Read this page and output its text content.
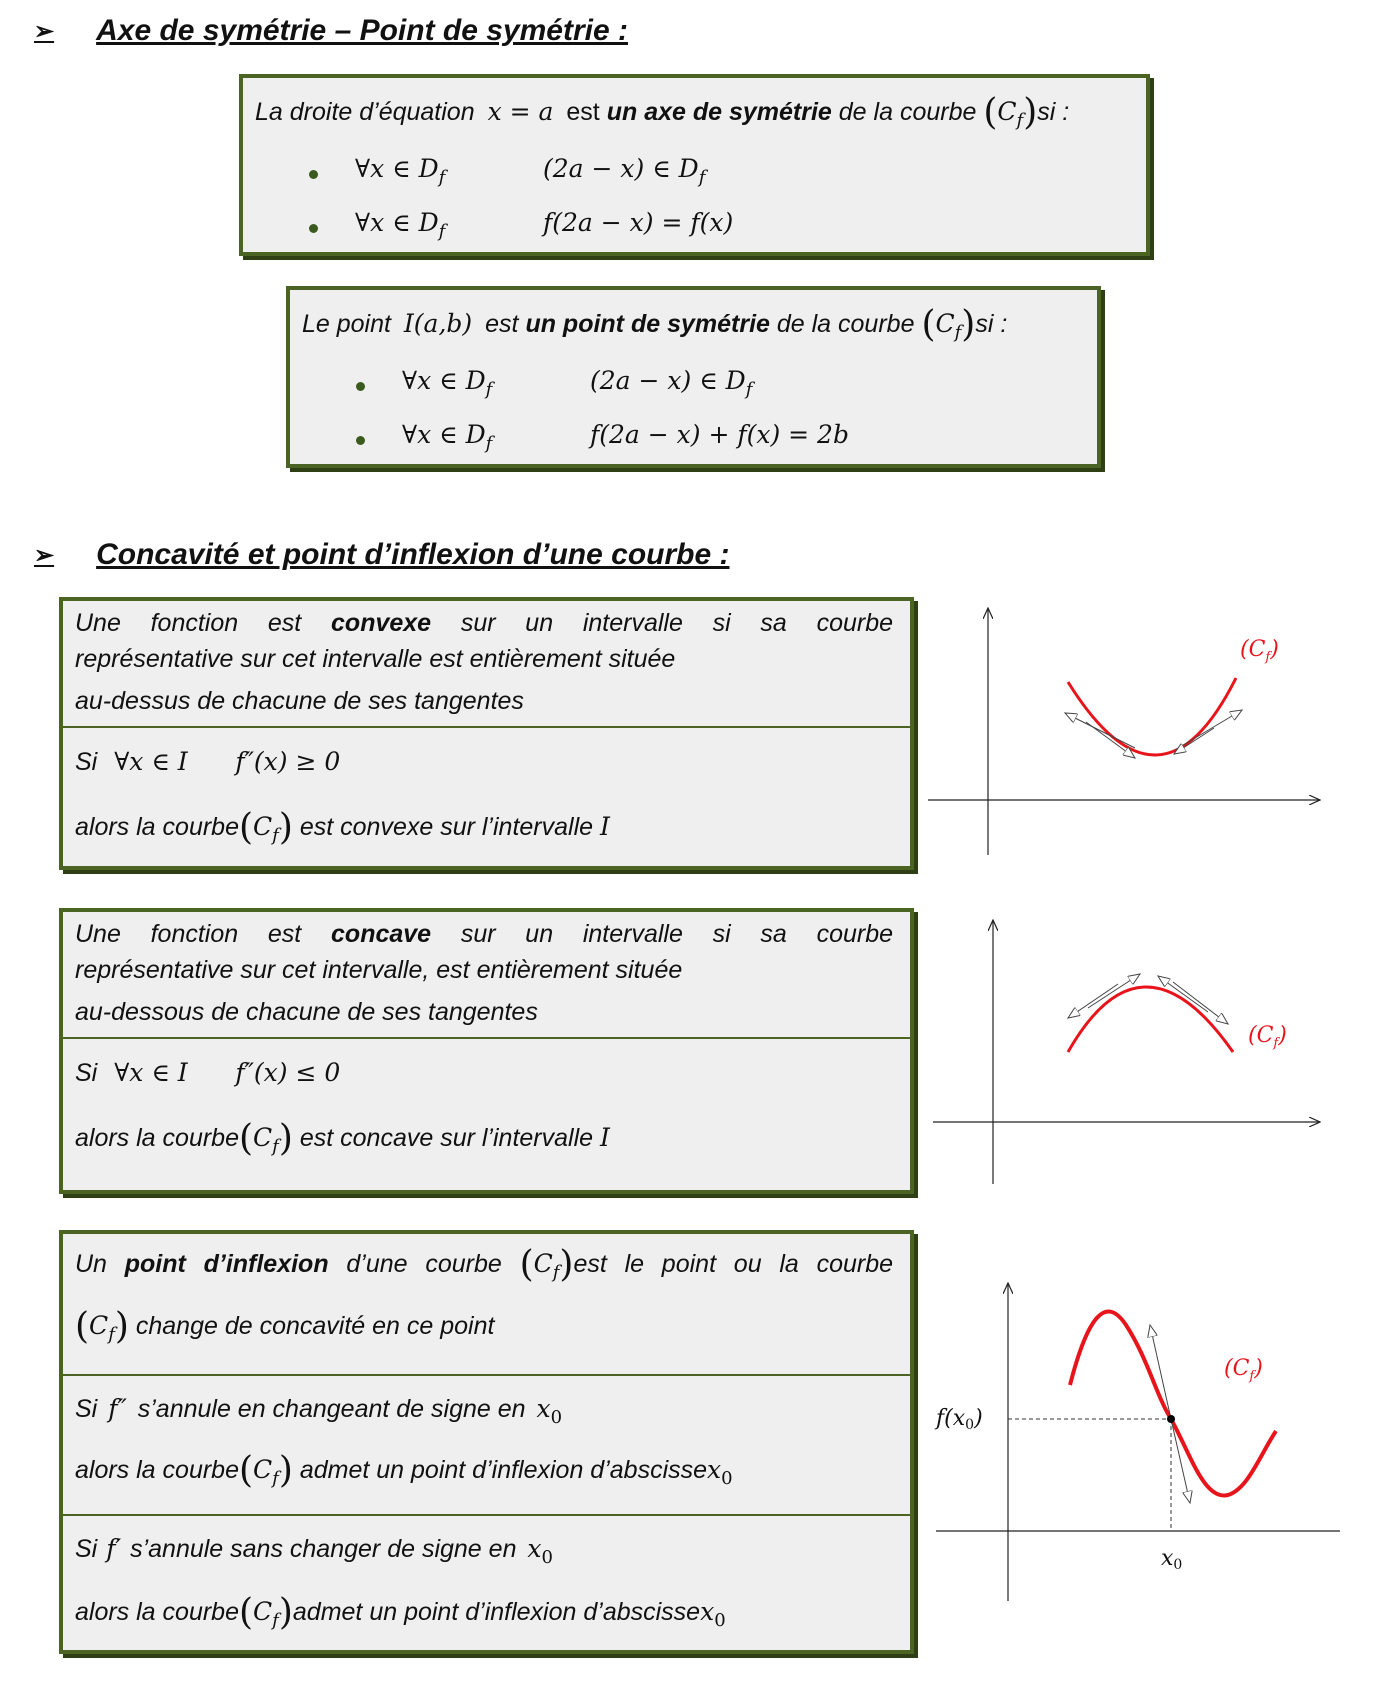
➢ Axe de symétrie – Point de symétrie :
La droite d’équation x = a est un axe de symétrie de la courbe $(C_f)si$ :
∀x ∈ $D_f$	(2a − x) ∈ $D_f$
∀x ∈ $D_f$	f(2a − x) = f(x)
Le point I(a,b) est un point de symétrie de la courbe $(C_f)si$ :
∀x ∈ $D_f$	(2a − x) ∈ $D_f$
∀x ∈ $D_f$	f(2a − x) + f(x) = 2b
➢ Concavité et point d’inflexion d’une courbe :
Une fonction est convexe sur un intervalle si sa courbe
représentative sur cet intervalle est entièrement située
au-dessus de chacune de ses tangentes
Si ∀x ∈ I      f″(x) ≥ 0
alors la $courbe(C_f)$ est convexe sur l’intervalle I
Une fonction est concave sur un intervalle si sa courbe
représentative sur cet intervalle, est entièrement située
au-dessous de chacune de ses tangentes
Si ∀x ∈ I      f″(x) ≤ 0
alors la $courbe(C_f)$ est concave sur l’intervalle I
Un point d’inflexion d’une courbe $(C_f)est$ le point ou la courbe
$(C_f)$ change de concavité en ce point
Si f″ s’annule en changeant de signe en $x_0$
alors la $courbe(C_f)$ admet un point d’inflexion d’abscissex$_0$
Si f′ s’annule sans changer de signe en $x_0$
alors la $courbe(C_f)admet$ un point d’inflexion d’abscissex$_0$
$(C_f)$
$(C_f)$
f(x0)
x0
$(C_f)$
